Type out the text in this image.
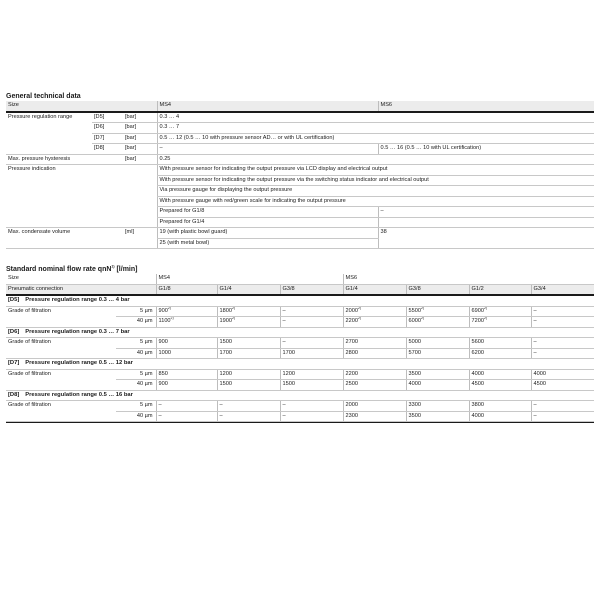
General technical data
Size			MS4	MS6
Pressure regulation range	[D5]	[bar]	0.3 … 4	
	[D6]	[bar]	0.3 … 7	
	[D7]	[bar]	0.5 … 12 (0.5 … 10 with pressure sensor AD… or with UL certification)	
	[D8]	[bar]	–	0.5 … 16 (0.5 … 10 with UL certification)
Max. pressure hysteresis		[bar]	0.25	
Pressure indication			With pressure sensor for indicating the output pressure via LCD display and electrical output	
			With pressure sensor for indicating the output pressure via the switching status indicator and electrical output	
			Via pressure gauge for displaying the output pressure	
			With pressure gauge with red/green scale for indicating the output pressure	
			Prepared for G1/8	–
			Prepared for G1/4	
Max. condensate volume		[ml]	19 (with plastic bowl guard)	38
			25 (with metal bowl)	
Standard nominal flow rate qnN$^{1)}$ [l/min]
Size		MS4			MS6			
Pneumatic connection		G1/8	G1/4	G3/8	G1/4	G3/8	G1/2	G3/4
[D5] Pressure regulation range 0.3 … 4 bar								
Grade of filtration	5 µm	900$^{2)}$	1800$^{2)}$	–	2000$^{2)}$	5500$^{2)}$	6900$^{2)}$	–
	40 µm	1100$^{2)}$	1900$^{2)}$	–	2200$^{2)}$	6000$^{2)}$	7200$^{2)}$	–
[D6] Pressure regulation range 0.3 … 7 bar								
Grade of filtration	5 µm	900	1500	–	2700	5000	5600	–
	40 µm	1000	1700	1700	2800	5700	6200	–
[D7] Pressure regulation range 0.5 … 12 bar								
Grade of filtration	5 µm	850	1200	1200	2200	3500	4000	4000
	40 µm	900	1500	1500	2500	4000	4500	4500
[D8] Pressure regulation range 0.5 … 16 bar								
Grade of filtration	5 µm	–	–	–	2000	3300	3800	–
	40 µm	–	–	–	2300	3500	4000	–
